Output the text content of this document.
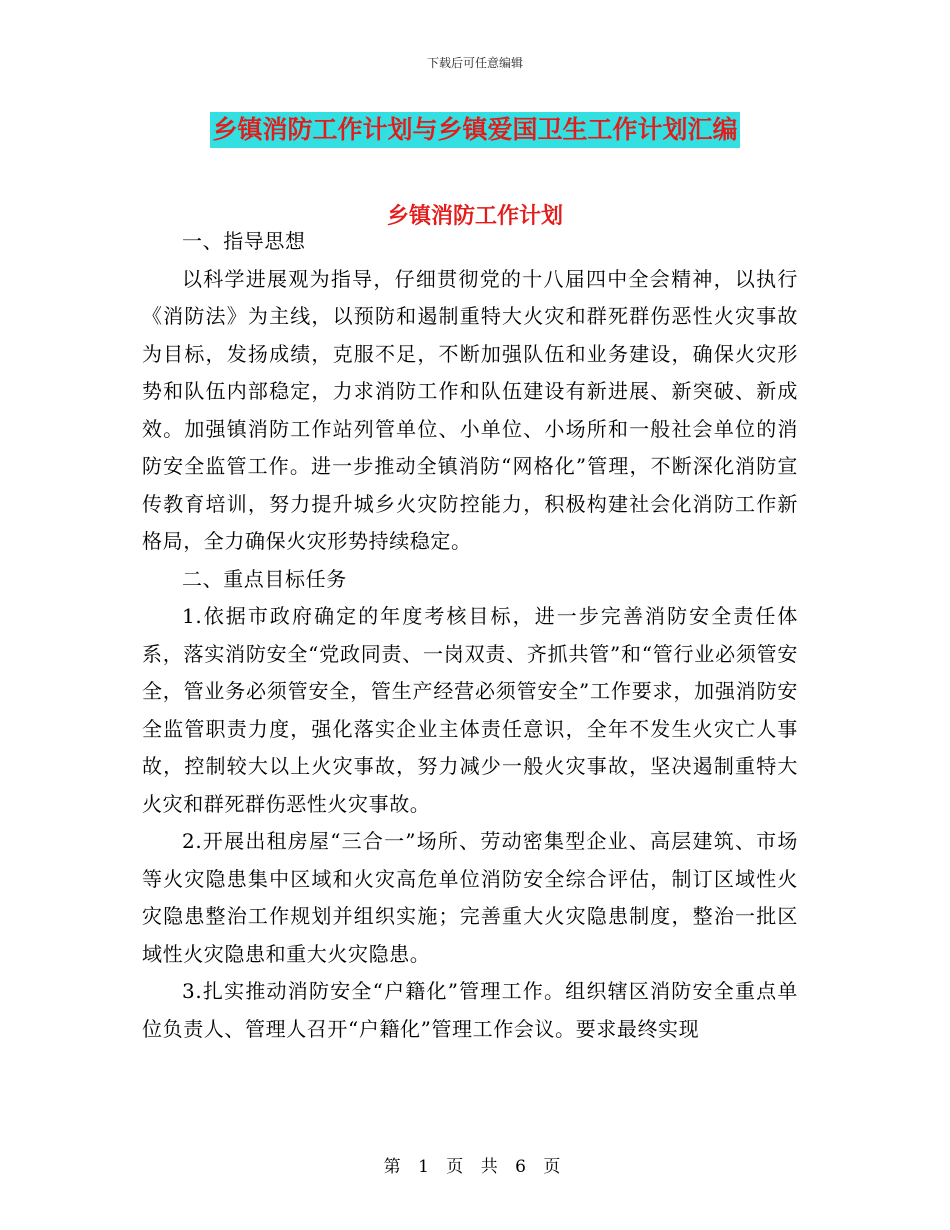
下载后可任意编辑
乡镇消防工作计划与乡镇爱国卫生工作计划汇编
乡镇消防工作计划

一、指导思想

以科学进展观为指导，仔细贯彻党的十八届四中全会精神，以执行《消防法》为主线，以预防和遏制重特大火灾和群死群伤恶性火灾事故为目标，发扬成绩，克服不足，不断加强队伍和业务建设，确保火灾形势和队伍内部稳定，力求消防工作和队伍建设有新进展、新突破、新成效。加强镇消防工作站列管单位、小单位、小场所和一般社会单位的消防安全监管工作。进一步推动全镇消防“网格化”管理，不断深化消防宣传教育培训，努力提升城乡火灾防控能力，积极构建社会化消防工作新格局，全力确保火灾形势持续稳定。

二、重点目标任务

1.依据市政府确定的年度考核目标，进一步完善消防安全责任体系，落实消防安全“党政同责、一岗双责、齐抓共管”和“管行业必须管安全，管业务必须管安全，管生产经营必须管安全”工作要求，加强消防安全监管职责力度，强化落实企业主体责任意识，全年不发生火灾亡人事故，控制较大以上火灾事故，努力减少一般火灾事故，坚决遏制重特大火灾和群死群伤恶性火灾事故。

2.开展出租房屋“三合一”场所、劳动密集型企业、高层建筑、市场等火灾隐患集中区域和火灾高危单位消防安全综合评估，制订区域性火灾隐患整治工作规划并组织实施；完善重大火灾隐患制度，整治一批区域性火灾隐患和重大火灾隐患。

3.扎实推动消防安全“户籍化”管理工作。组织辖区消防安全重点单位负责人、管理人召开“户籍化”管理工作会议。要求最终实现

第 1 页 共 6 页
